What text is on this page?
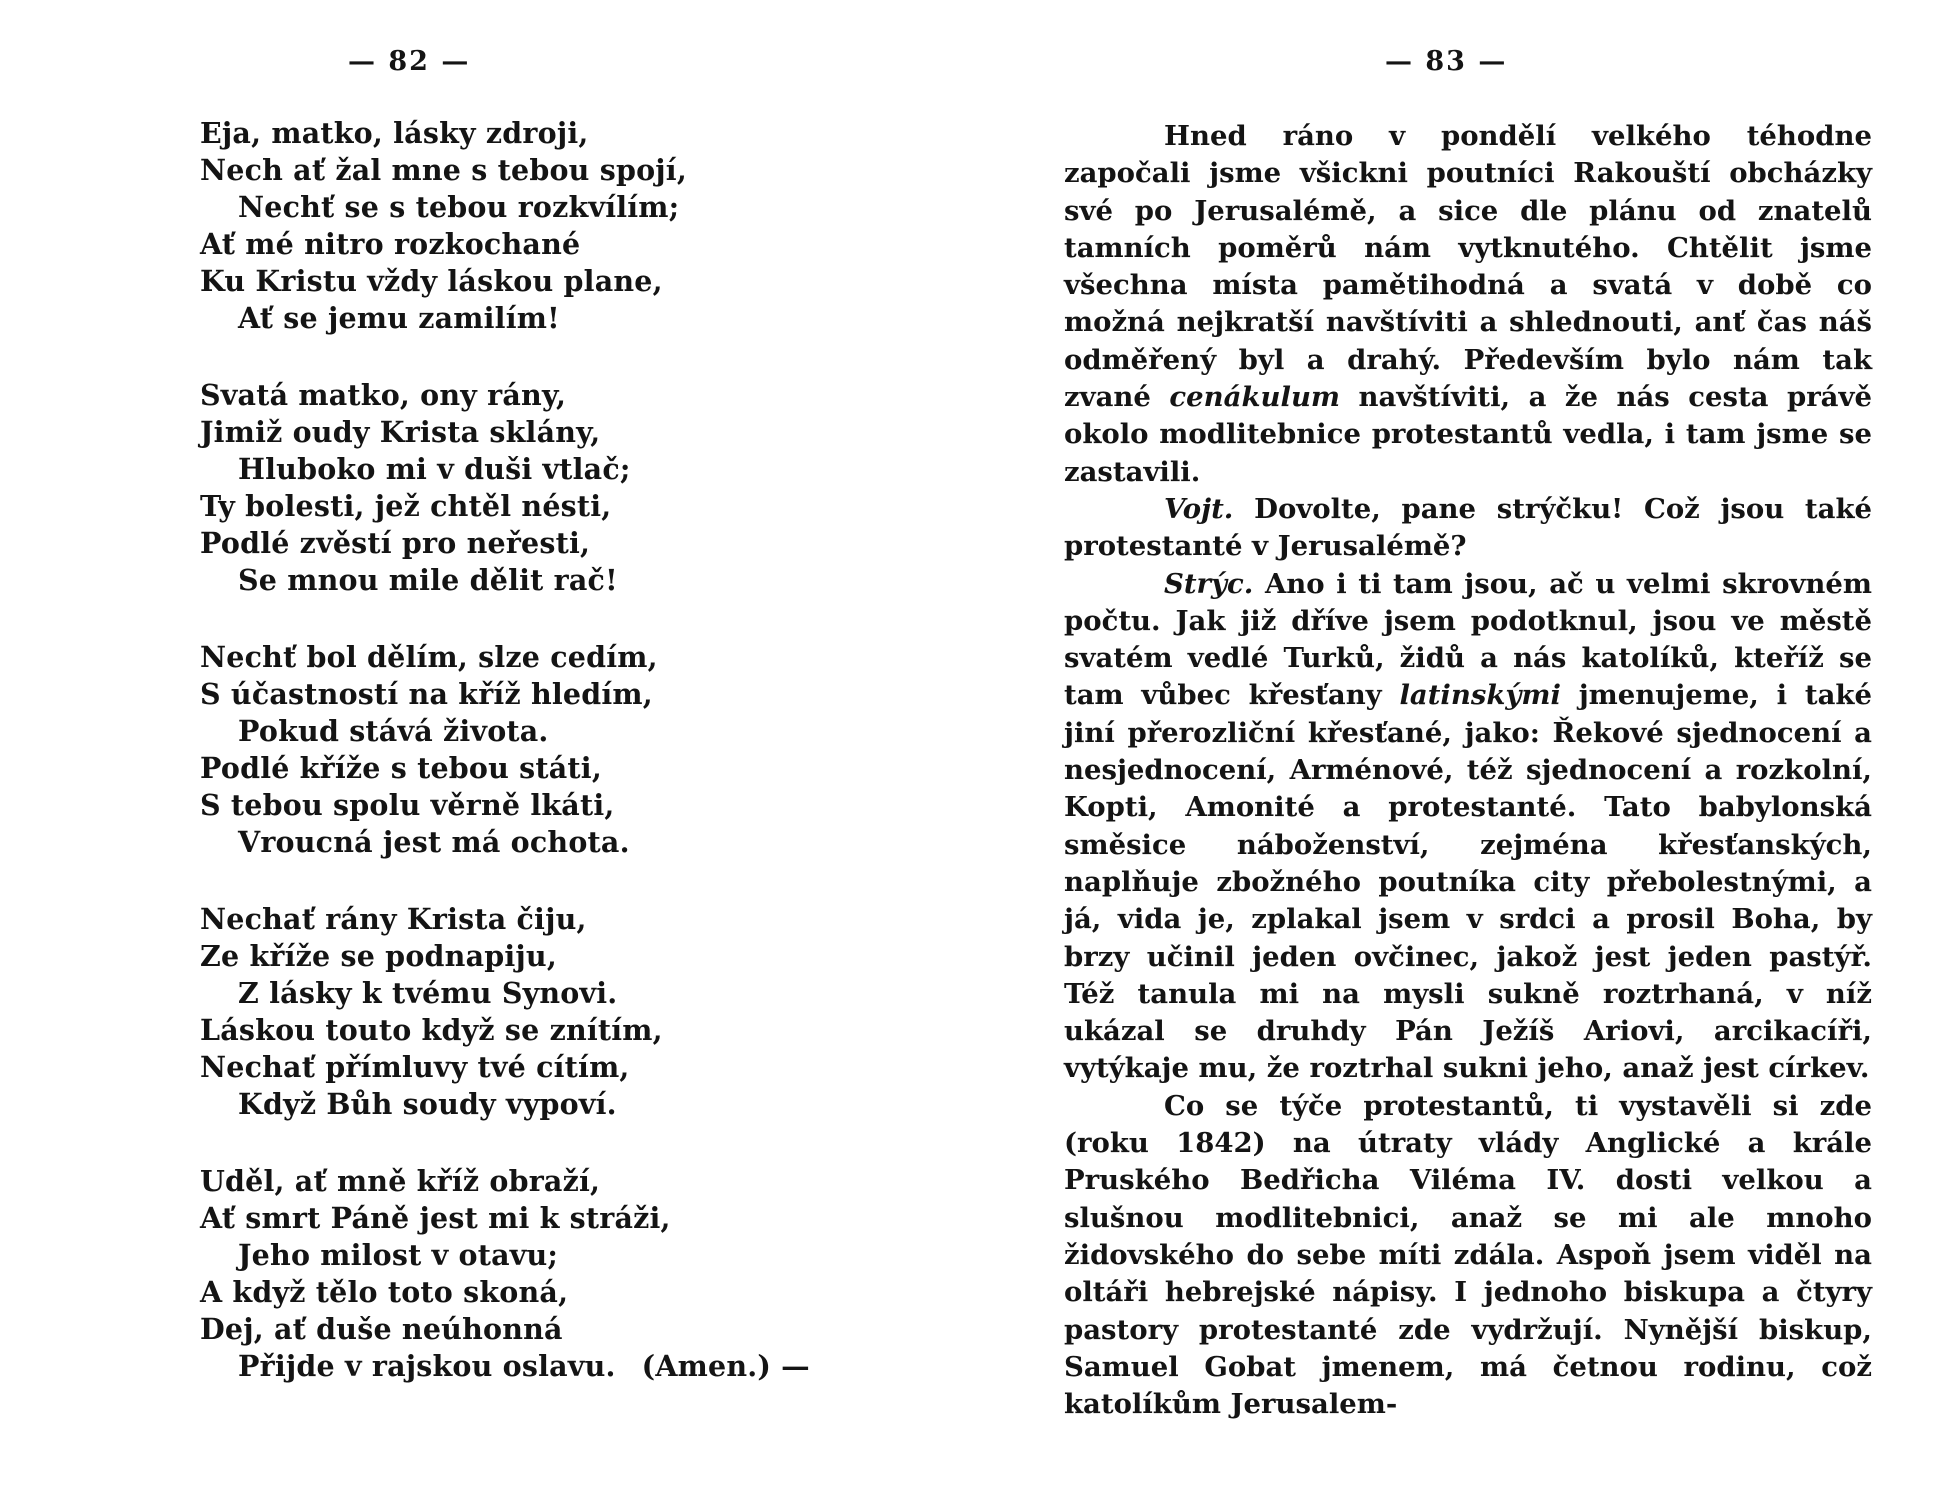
— 82 —
Eja, matko, lásky zdroji,
Nech ať žal mne s tebou spojí,
Nechť se s tebou rozkvílím;
Ať mé nitro rozkochané
Ku Kristu vždy láskou plane,
Ať se jemu zamilím!
Svatá matko, ony rány,
Jimiž oudy Krista sklány,
Hluboko mi v duši vtlač;
Ty bolesti, jež chtěl nésti,
Podlé zvěstí pro neřesti,
Se mnou mile dělit rač!
Nechť bol dělím, slze cedím,
S účastností na kříž hledím,
Pokud stává života.
Podlé kříže s tebou státi,
S tebou spolu věrně lkáti,
Vroucná jest má ochota.
Nechať rány Krista čiju,
Ze kříže se podnapiju,
Z lásky k tvému Synovi.
Láskou touto když se znítím,
Nechať přímluvy tvé cítím,
Když Bůh soudy vypoví.
Uděl, ať mně kříž obraží,
Ať smrt Páně jest mi k stráži,
Jeho milost v otavu;
A když tělo toto skoná,
Dej, ať duše neúhonná
Přijde v rajskou oslavu. (Amen.) —
— 83 —

Hned ráno v pondělí velkého téhodne započali jsme všickni poutníci Rakouští obcházky své po Jerusalémě, a sice dle plánu od znatelů tamních poměrů nám vytknutého. Chtělit jsme všechna místa pamětihodná a svatá v době co možná nejkratší navštíviti a shlednouti, anť čas náš odměřený byl a drahý. Především bylo nám tak zvané cenákulum navštíviti, a že nás cesta právě okolo modlitebnice protestantů vedla, i tam jsme se zastavili.

Vojt. Dovolte, pane strýčku! Což jsou také protestanté v Jerusalémě?

Strýc. Ano i ti tam jsou, ač u velmi skrovném počtu. Jak již dříve jsem podotknul, jsou ve městě svatém vedlé Turků, židů a nás katolíků, kteříž se tam vůbec křesťany latinskými jmenujeme, i také jiní přerozliční křesťané, jako: Řekové sjednocení a nesjednocení, Arménové, též sjednocení a rozkolní, Kopti, Amonité a protestanté. Tato babylonská směsice náboženství, zejména křesťanských, naplňuje zbožného poutníka city přebolestnými, a já, vida je, zplakal jsem v srdci a prosil Boha, by brzy učinil jeden ovčinec, jakož jest jeden pastýř. Též tanula mi na mysli sukně roztrhaná, v níž ukázal se druhdy Pán Ježíš Ariovi, arcikacíři, vytýkaje mu, že roztrhal sukni jeho, anaž jest církev.

Co se týče protestantů, ti vystavěli si zde (roku 1842) na útraty vlády Anglické a krále Pruského Bedřicha Viléma IV. dosti velkou a slušnou modlitebnici, anaž se mi ale mnoho židovského do sebe míti zdála. Aspoň jsem viděl na oltáři hebrejské nápisy. I jednoho biskupa a čtyry pastory protestanté zde vydržují. Nynější biskup, Samuel Gobat jmenem, má četnou rodinu, což katolíkům Jerusalem-
